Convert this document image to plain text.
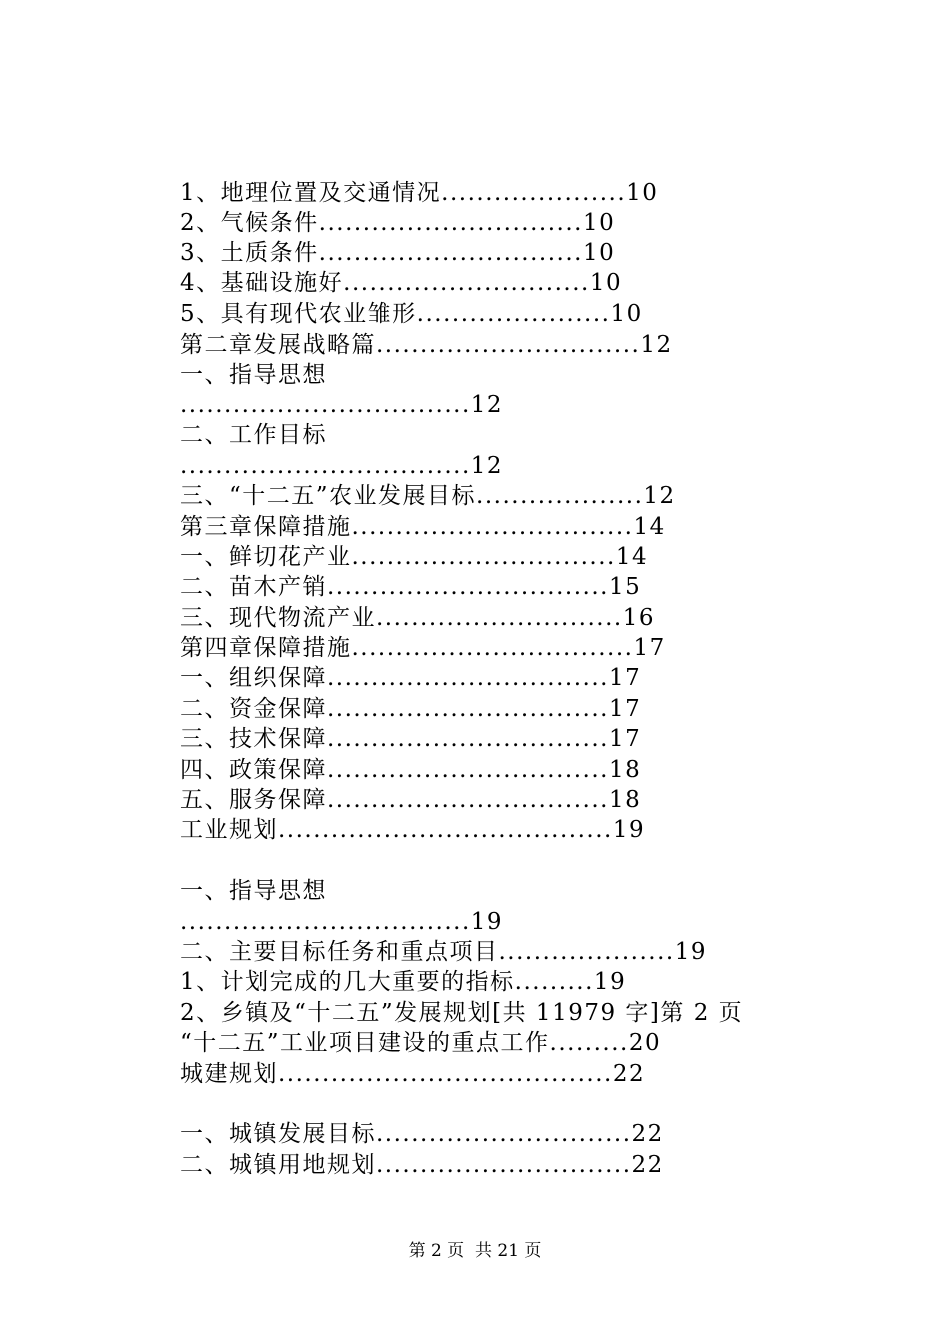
1、地理位置及交通情况.....................10
2、气候条件..............................10
3、土质条件..............................10
4、基础设施好............................10
5、具有现代农业雏形......................10
第二章发展战略篇..............................12
一、指导思想
.................................12
二、工作目标
.................................12
三、“十二五”农业发展目标...................12
第三章保障措施................................14
一、鲜切花产业..............................14
二、苗木产销................................15
三、现代物流产业............................16
第四章保障措施................................17
一、组织保障................................17
二、资金保障................................17
三、技术保障................................17
四、政策保障................................18
五、服务保障................................18
工业规划......................................19
一、指导思想
.................................19
二、主要目标任务和重点项目....................19
1、计划完成的几大重要的指标.........19
2、乡镇及“十二五”发展规划[共 11979 字]第 2 页
“十二五”工业项目建设的重点工作.........20
城建规划......................................22
一、城镇发展目标.............................22
二、城镇用地规划.............................22
第 2 页  共 21 页
